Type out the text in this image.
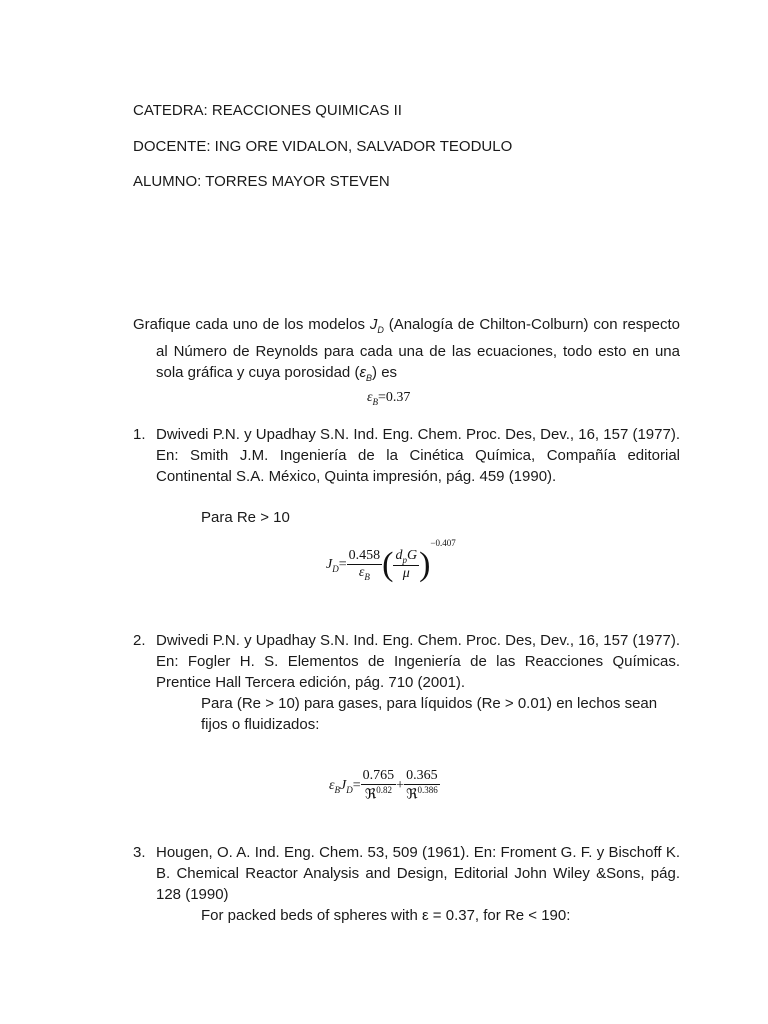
CATEDRA: REACCIONES QUIMICAS II
DOCENTE: ING ORE VIDALON, SALVADOR TEODULO
ALUMNO: TORRES MAYOR STEVEN
Grafique cada uno de los modelos $J_D$ (Analogía de Chilton-Colburn) con respecto al Número de Reynolds para cada una de las ecuaciones, todo esto en una sola gráfica y cuya porosidad $(\varepsilon_B)$ es
$\varepsilon_B=0.37$
1. Dwivedi P.N. y Upadhay S.N. Ind. Eng. Chem. Proc. Des, Dev., 16, 157 (1977). En: Smith J.M. Ingeniería de la Cinética Química, Compañía editorial Continental S.A. México, Quinta impresión, pág. 459 (1990).
Para Re > 10
$J_D= \frac{0.458}{\varepsilon_B}$ ( $\frac{d_pG}{\mu} )^{-0.407}$
2. Dwivedi P.N. y Upadhay S.N. Ind. Eng. Chem. Proc. Des, Dev., 16, 157 (1977). En: Fogler H. S. Elementos de Ingeniería de las Reacciones Químicas. Prentice Hall Tercera edición, pág. 710 (2001).
Para (Re > 10) para gases, para líquidos (Re > 0.01) en lechos sean fijos o fluidizados:
$\varepsilon_BJ_D= \frac{0.765}{ℜ^{0.82}} + \frac{0.365}{ℜ^{0.386}}$
3. Hougen, O. A. Ind. Eng. Chem. 53, 509 (1961). En: Froment G. F. y Bischoff K. B. Chemical Reactor Analysis and Design, Editorial John Wiley &Sons, pág. 128 (1990)
For packed beds of spheres with ε = 0.37, for Re < 190:
